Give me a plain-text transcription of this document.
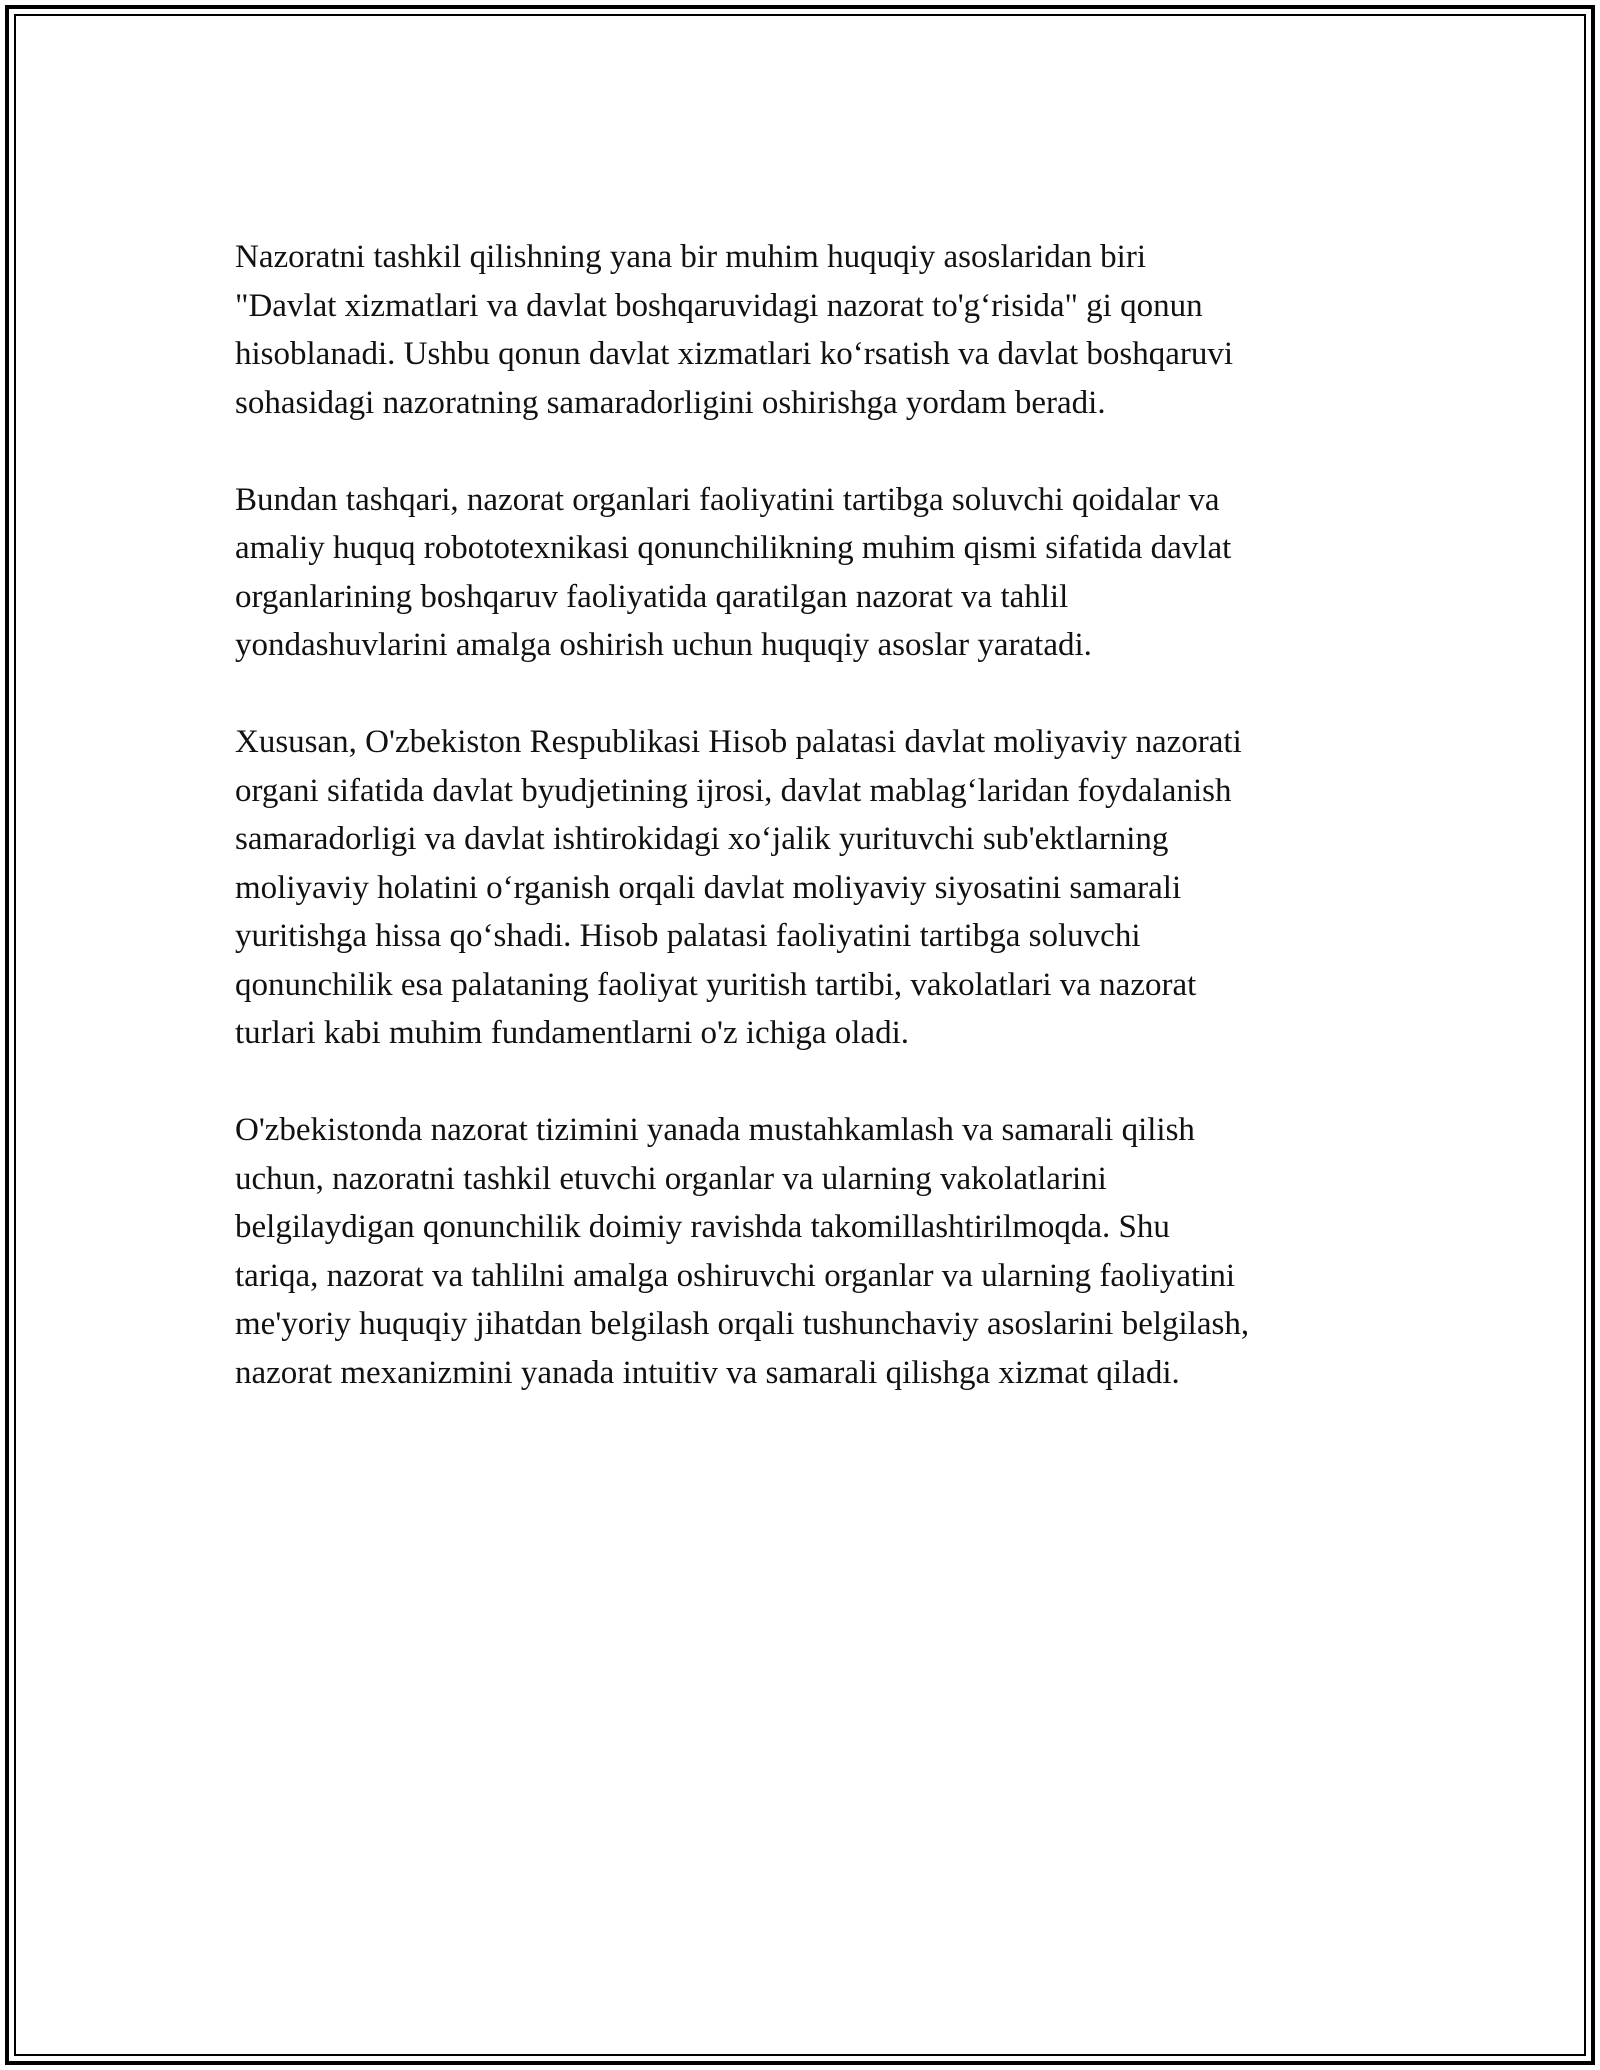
Nazoratni tashkil qilishning yana bir muhim huquqiy asoslaridan biri
"Davlat xizmatlari va davlat boshqaruvidagi nazorat to'g‘risida" gi qonun
hisoblanadi. Ushbu qonun davlat xizmatlari ko‘rsatish va davlat boshqaruvi
sohasidagi nazoratning samaradorligini oshirishga yordam beradi.

Bundan tashqari, nazorat organlari faoliyatini tartibga soluvchi qoidalar va
amaliy huquq robototexnikasi qonunchilikning muhim qismi sifatida davlat
organlarining boshqaruv faoliyatida qaratilgan nazorat va tahlil
yondashuvlarini amalga oshirish uchun huquqiy asoslar yaratadi.

Xususan, O'zbekiston Respublikasi Hisob palatasi davlat moliyaviy nazorati
organi sifatida davlat byudjetining ijrosi, davlat mablag‘laridan foydalanish
samaradorligi va davlat ishtirokidagi xo‘jalik yurituvchi sub'ektlarning
moliyaviy holatini o‘rganish orqali davlat moliyaviy siyosatini samarali
yuritishga hissa qo‘shadi. Hisob palatasi faoliyatini tartibga soluvchi
qonunchilik esa palataning faoliyat yuritish tartibi, vakolatlari va nazorat
turlari kabi muhim fundamentlarni o'z ichiga oladi.

O'zbekistonda nazorat tizimini yanada mustahkamlash va samarali qilish
uchun, nazoratni tashkil etuvchi organlar va ularning vakolatlarini
belgilaydigan qonunchilik doimiy ravishda takomillashtirilmoqda. Shu
tariqa, nazorat va tahlilni amalga oshiruvchi organlar va ularning faoliyatini
me'yoriy huquqiy jihatdan belgilash orqali tushunchaviy asoslarini belgilash,
nazorat mexanizmini yanada intuitiv va samarali qilishga xizmat qiladi.
